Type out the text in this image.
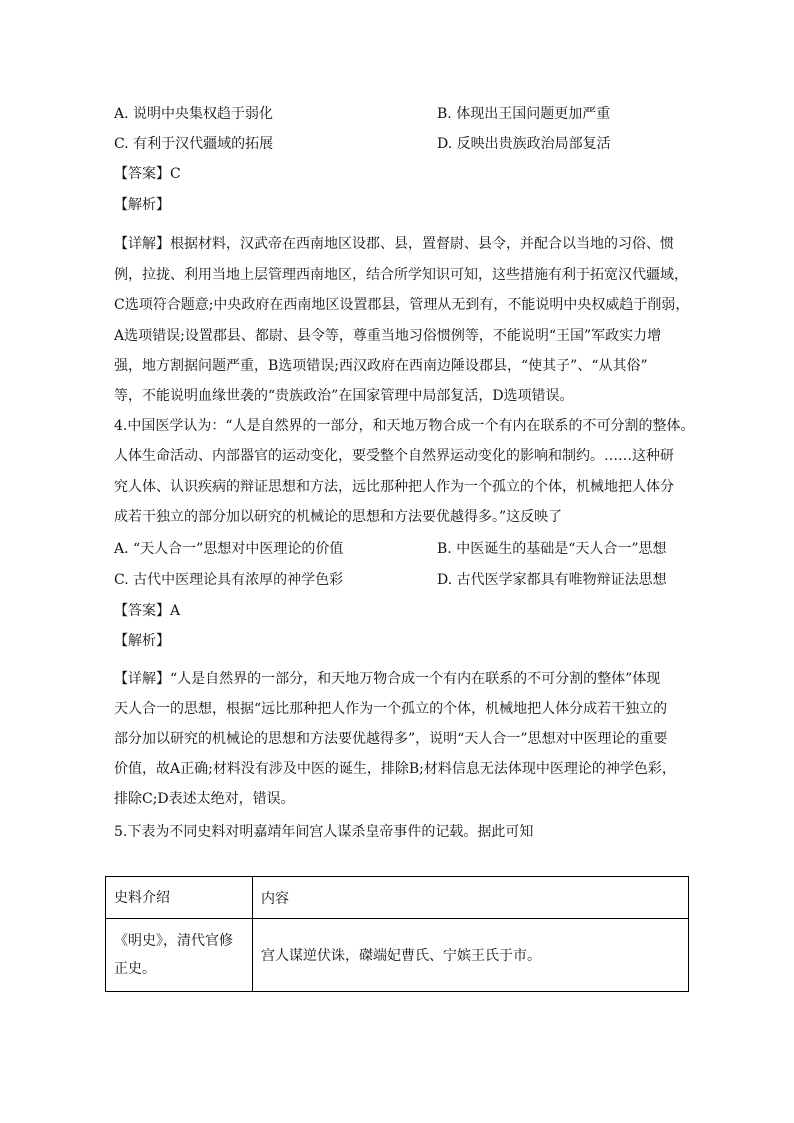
A. 说明中央集权趋于弱化	B. 体现出王国问题更加严重
C. 有利于汉代疆域的拓展	D. 反映出贵族政治局部复活
【答案】C
【解析】
【详解】根据材料，汉武帝在西南地区设郡、县，置督尉、县令，并配合以当地的习俗、惯
例，拉拢、利用当地上层管理西南地区，结合所学知识可知，这些措施有利于拓宽汉代疆域，
C选项符合题意;中央政府在西南地区设置郡县，管理从无到有，不能说明中央权威趋于削弱，
A选项错误;设置郡县、都尉、县令等，尊重当地习俗惯例等，不能说明“王国”军政实力增
强，地方割据问题严重，B选项错误;西汉政府在西南边陲设郡县，“使其子”、“从其俗”
等，不能说明血缘世袭的“贵族政治”在国家管理中局部复活，D选项错误。
4.中国医学认为：“人是自然界的一部分，和天地万物合成一个有内在联系的不可分割的整体。
人体生命活动、内部器官的运动变化，要受整个自然界运动变化的影响和制约。……这种研
究人体、认识疾病的辩证思想和方法，远比那种把人作为一个孤立的个体，机械地把人体分
成若干独立的部分加以研究的机械论的思想和方法要优越得多。”这反映了
A. “天人合一”思想对中医理论的价值	B. 中医诞生的基础是“天人合一”思想
C. 古代中医理论具有浓厚的神学色彩	D. 古代医学家都具有唯物辩证法思想
【答案】A
【解析】
【详解】“人是自然界的一部分，和天地万物合成一个有内在联系的不可分割的整体”体现
天人合一的思想，根据“远比那种把人作为一个孤立的个体，机械地把人体分成若干独立的
部分加以研究的机械论的思想和方法要优越得多”，说明“天人合一”思想对中医理论的重要
价值，故A正确;材料没有涉及中医的诞生，排除B;材料信息无法体现中医理论的神学色彩，
排除C;D表述太绝对，错误。
5.下表为不同史料对明嘉靖年间宫人谋杀皇帝事件的记载。据此可知
史料介绍	内容
《明史》，清代官修
正史。	宫人谋逆伏诛，磔端妃曹氏、宁嫔王氏于市。
